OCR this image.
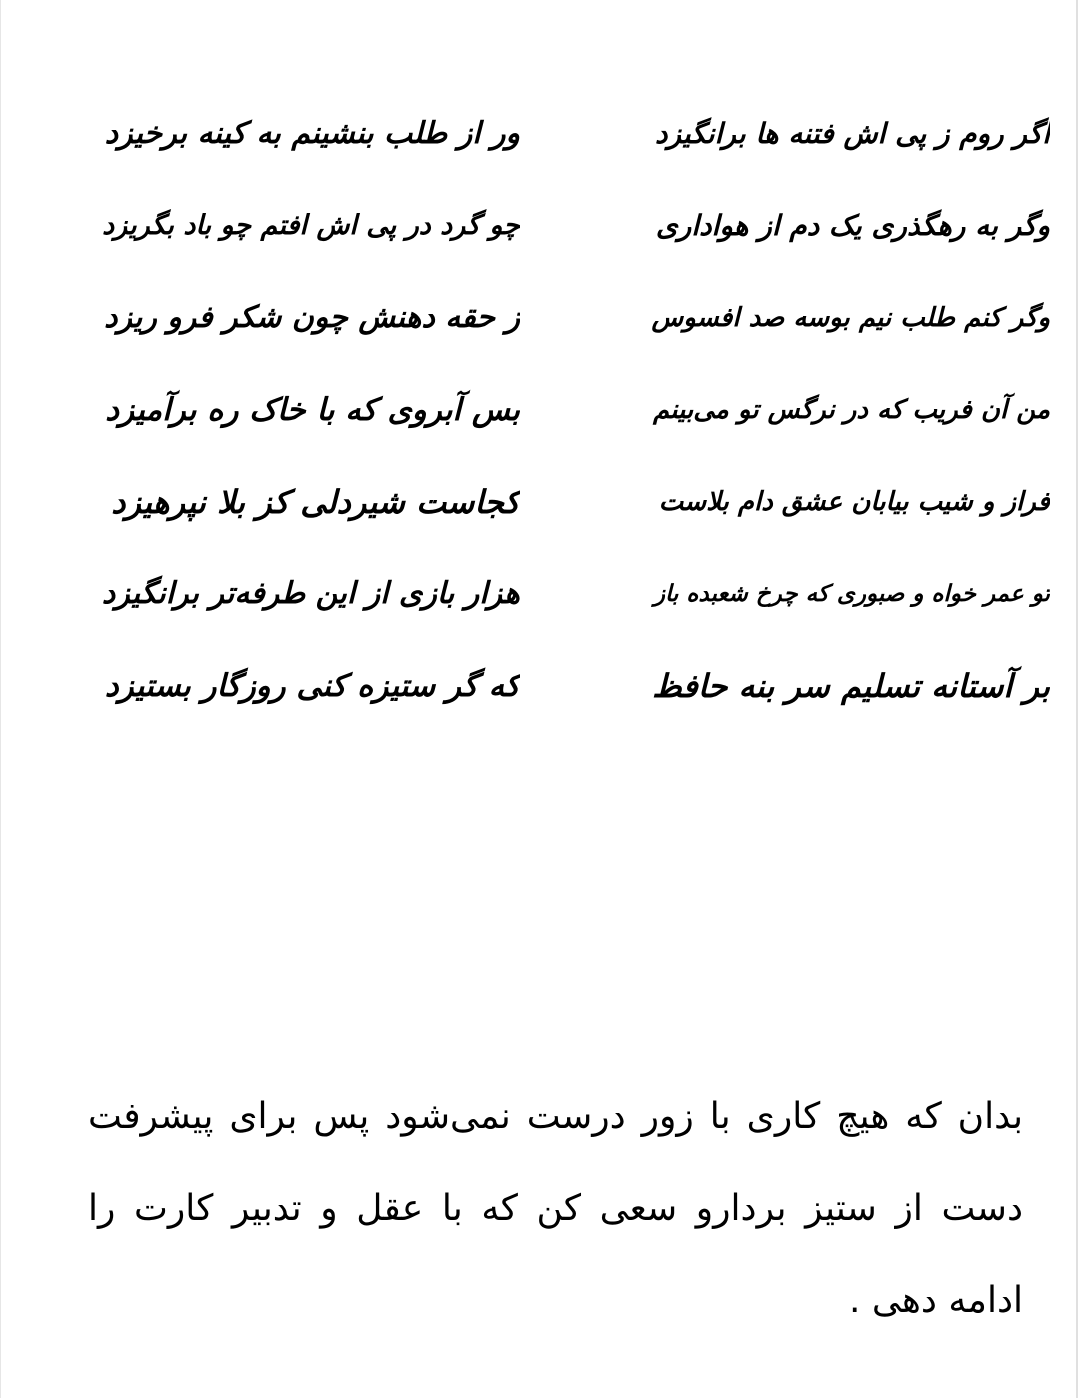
اگر روم ز پی اش فتنه ها برانگیزد
ور از طلب بنشینم به کینه برخیزد
وگر به رهگذری یک دم از هواداری
چو گرد در پی اش افتم چو باد بگریزد
وگر کنم طلب نیم بوسه صد افسوس
ز حقه دهنش چون شکر فرو ریزد
من آن فریب که در نرگس تو می‌بینم
بس آبروی که با خاک ره برآمیزد
فراز و شیب بیابان عشق دام بلاست
کجاست شیردلی کز بلا نپرهیزد
تو عمر خواه و صبوری که چرخ شعبده باز
هزار بازی از این طرفه‌تر برانگیزد
بر آستانه تسلیم سر بنه حافظ
که گر ستیزه کنی روزگار بستیزد

بدان که هیچ کاری با زور درست نمی‌شود پس برای پیشرفت دست از ستیز بردارو سعی کن که با عقل و تدبیر کارت را ادامه دهی .
